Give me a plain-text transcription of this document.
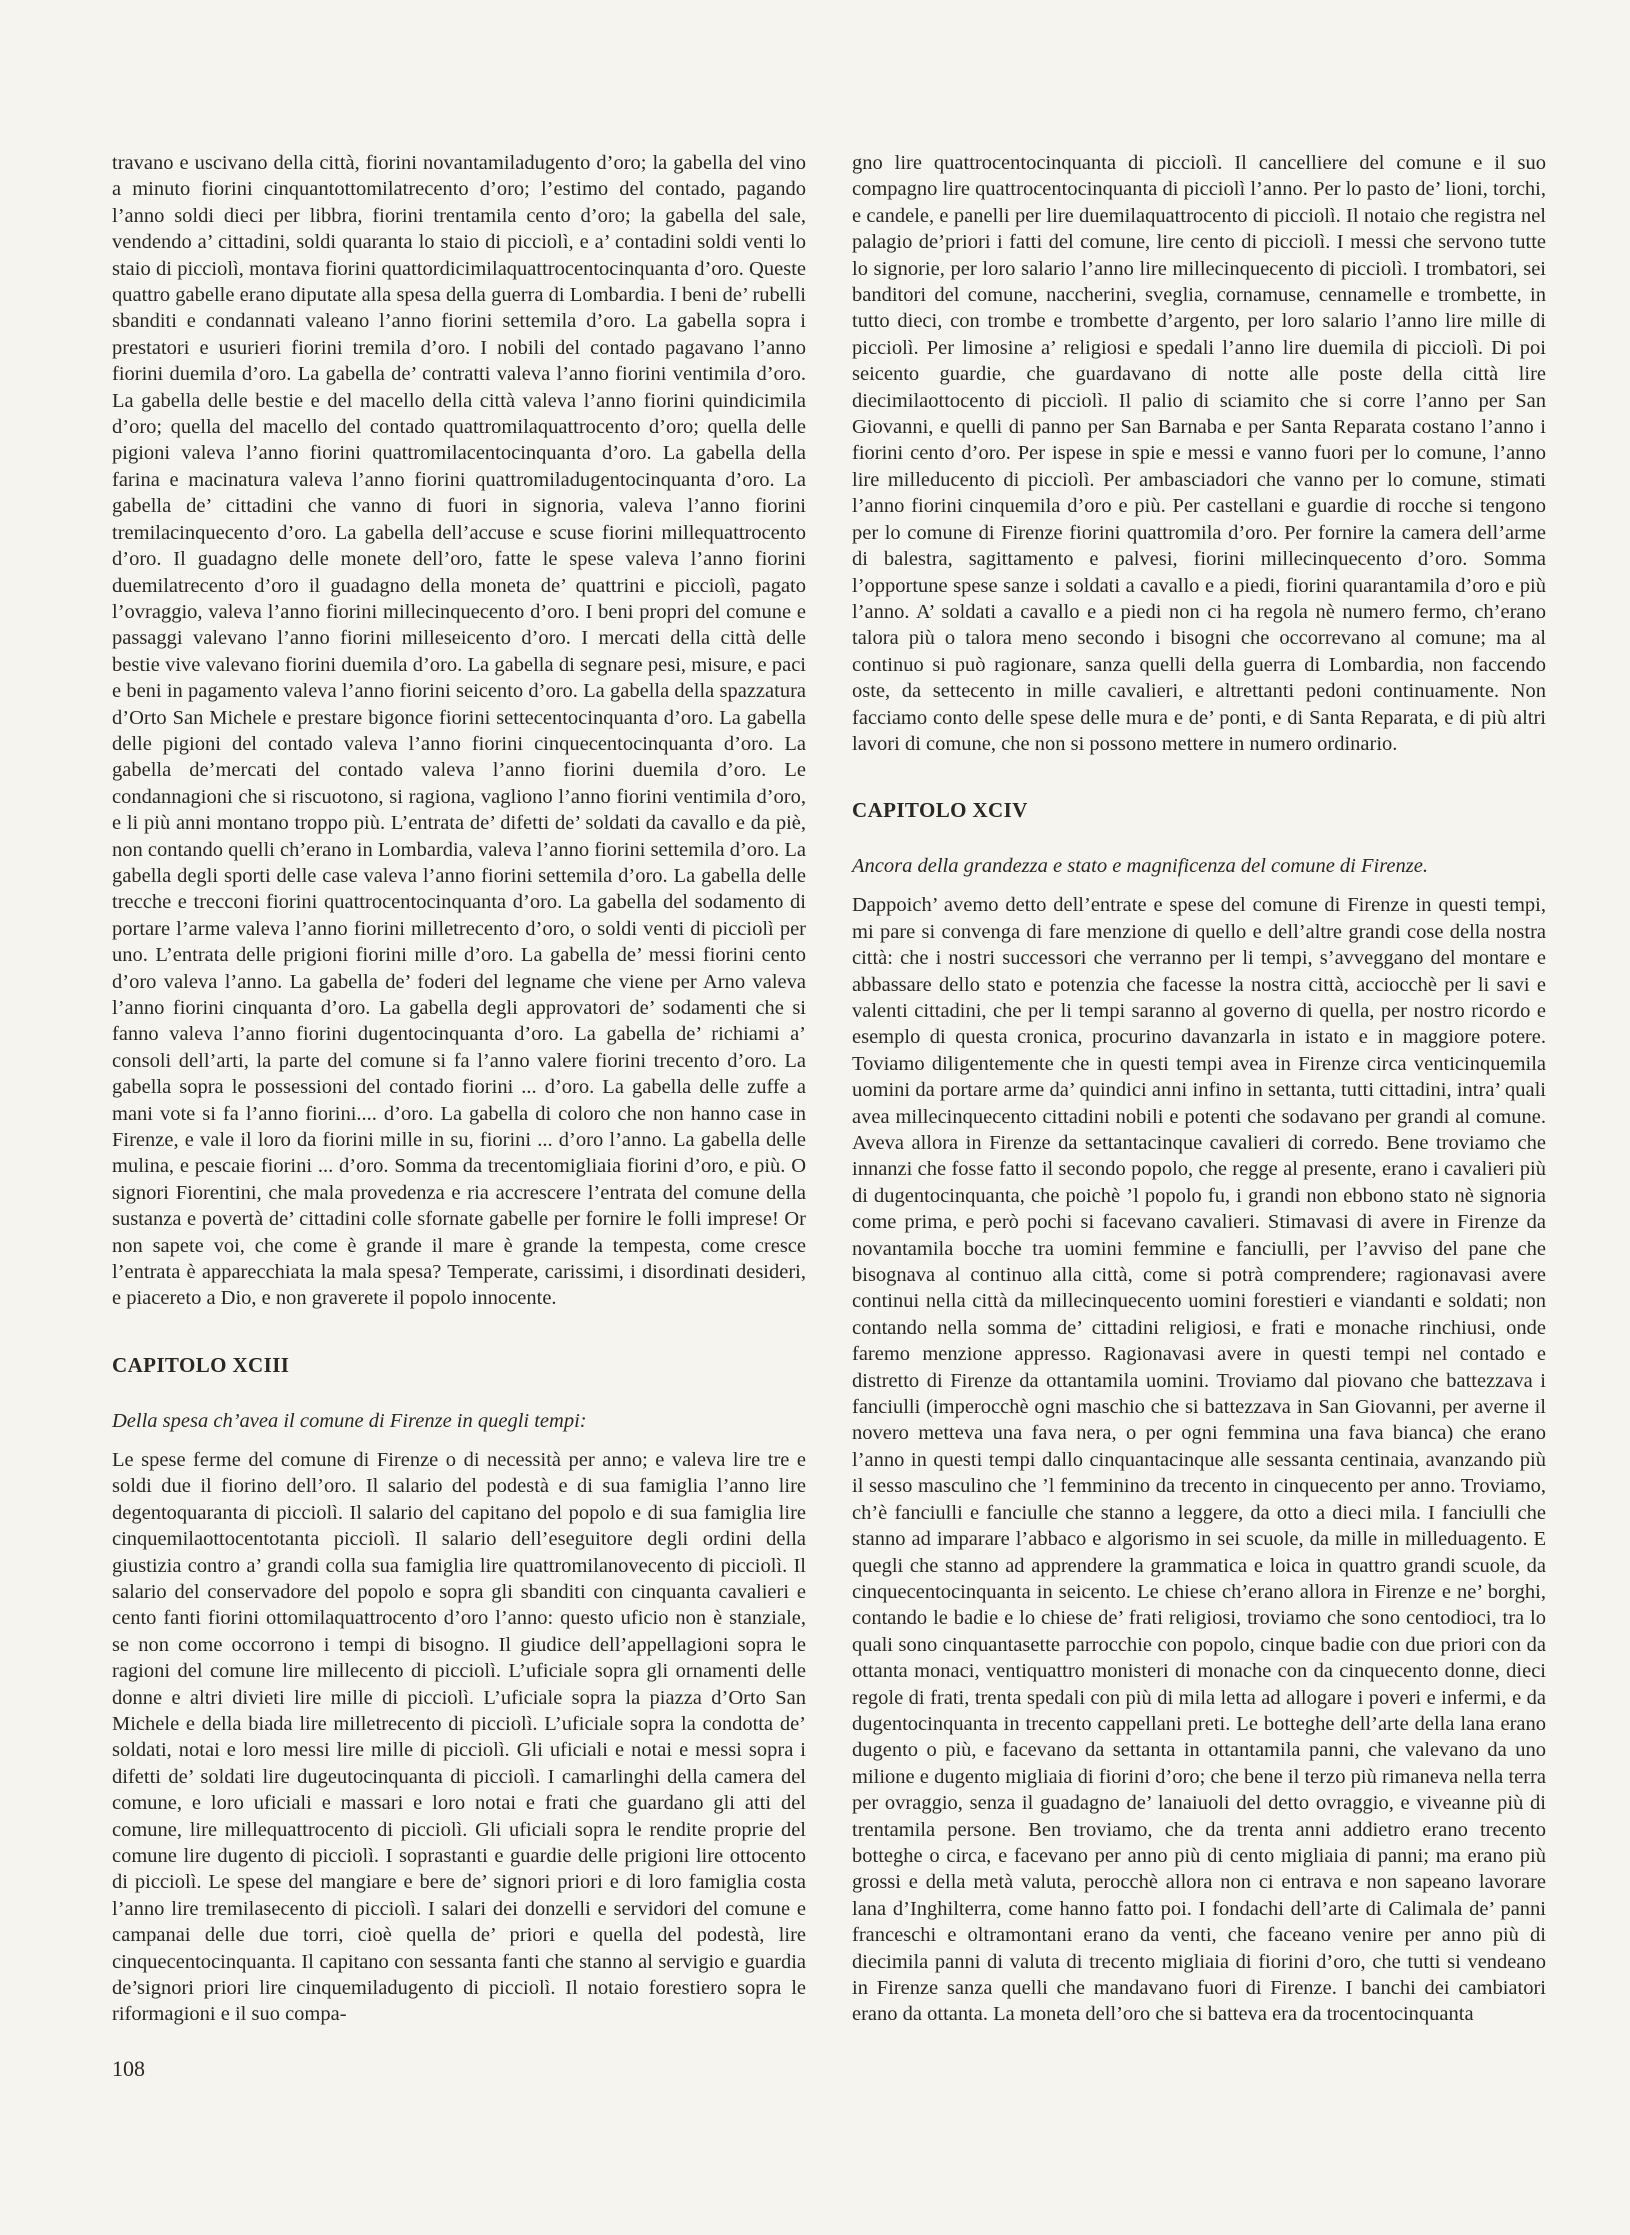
travano e uscivano della città, fiorini novantamiladugento d’oro; la gabella del vino a minuto fiorini cinquantottomilatrecento d’oro; l’estimo del contado, pagando l’anno soldi dieci per libbra, fiorini trentamila cento d’oro; la gabella del sale, vendendo a’ cittadini, soldi quaranta lo staio di picciolì, e a’ contadini soldi venti lo staio di picciolì, montava fiorini quattordicimilaquattrocentocinquanta d’oro. Queste quattro gabelle erano diputate alla spesa della guerra di Lombardia. I beni de’ rubelli sbanditi e condannati valeano l’anno fiorini settemila d’oro. La gabella sopra i prestatori e usurieri fiorini tremila d’oro. I nobili del contado pagavano l’anno fiorini duemila d’oro. La gabella de’ contratti valeva l’anno fiorini ventimila d’oro. La gabella delle bestie e del macello della città valeva l’anno fiorini quindicimila d’oro; quella del macello del contado quattromilaquattrocento d’oro; quella delle pigioni valeva l’anno fiorini quattromilacentocinquanta d’oro. La gabella della farina e macinatura valeva l’anno fiorini quattromiladugentocinquanta d’oro. La gabella de’ cittadini che vanno di fuori in signoria, valeva l’anno fiorini tremilacinquecento d’oro. La gabella dell’accuse e scuse fiorini millequattrocento d’oro. Il guadagno delle monete dell’oro, fatte le spese valeva l’anno fiorini duemilatrecento d’oro il guadagno della moneta de’ quattrini e picciolì, pagato l’ovraggio, valeva l’anno fiorini millecinquecento d’oro. I beni propri del comune e passaggi valevano l’anno fiorini milleseicento d’oro. I mercati della città delle bestie vive valevano fiorini duemila d’oro. La gabella di segnare pesi, misure, e paci e beni in pagamento valeva l’anno fiorini seicento d’oro. La gabella della spazzatura d’Orto San Michele e prestare bigonce fiorini settecentocinquanta d’oro. La gabella delle pigioni del contado valeva l’anno fiorini cinquecentocinquanta d’oro. La gabella de’mercati del contado valeva l’anno fiorini duemila d’oro. Le condannagioni che si riscuotono, si ragiona, vagliono l’anno fiorini ventimila d’oro, e li più anni montano troppo più. L’entrata de’ difetti de’ soldati da cavallo e da piè, non contando quelli ch’erano in Lombardia, valeva l’anno fiorini settemila d’oro. La gabella degli sporti delle case valeva l’anno fiorini settemila d’oro. La gabella delle trecche e trecconi fiorini quattrocentocinquanta d’oro. La gabella del sodamento di portare l’arme valeva l’anno fiorini milletrecento d’oro, o soldi venti di picciolì per uno. L’entrata delle prigioni fiorini mille d’oro. La gabella de’ messi fiorini cento d’oro valeva l’anno. La gabella de’ foderi del legname che viene per Arno valeva l’anno fiorini cinquanta d’oro. La gabella degli approvatori de’ sodamenti che si fanno valeva l’anno fiorini dugentocinquanta d’oro. La gabella de’ richiami a’ consoli dell’arti, la parte del comune si fa l’anno valere fiorini trecento d’oro. La gabella sopra le possessioni del contado fiorini ... d’oro. La gabella delle zuffe a mani vote si fa l’anno fiorini.... d’oro. La gabella di coloro che non hanno case in Firenze, e vale il loro da fiorini mille in su, fiorini ... d’oro l’anno. La gabella delle mulina, e pescaie fiorini ... d’oro. Somma da trecentomigliaia fiorini d’oro, e più. O signori Fiorentini, che mala provedenza e ria accrescere l’entrata del comune della sustanza e povertà de’ cittadini colle sfornate gabelle per fornire le folli imprese! Or non sapete voi, che come è grande il mare è grande la tempesta, come cresce l’entrata è apparecchiata la mala spesa? Temperate, carissimi, i disordinati desideri, e piacereto a Dio, e non graverete il popolo innocente.

CAPITOLO XCIII

Della spesa ch’avea il comune di Firenze in quegli tempi:

Le spese ferme del comune di Firenze o di necessità per anno; e valeva lire tre e soldi due il fiorino dell’oro. Il salario del podestà e di sua famiglia l’anno lire degentoquaranta di picciolì. Il salario del capitano del popolo e di sua famiglia lire cinquemilaottocentotanta picciolì. Il salario dell’eseguitore degli ordini della giustizia contro a’ grandi colla sua famiglia lire quattromilanovecento di picciolì. Il salario del conservadore del popolo e sopra gli sbanditi con cinquanta cavalieri e cento fanti fiorini ottomilaquattrocento d’oro l’anno: questo uficio non è stanziale, se non come occorrono i tempi di bisogno. Il giudice dell’appellagioni sopra le ragioni del comune lire millecento di picciolì. L’uficiale sopra gli ornamenti delle donne e altri divieti lire mille di picciolì. L’uficiale sopra la piazza d’Orto San Michele e della biada lire milletrecento di picciolì. L’uficiale sopra la condotta de’ soldati, notai e loro messi lire mille di picciolì. Gli uficiali e notai e messi sopra i difetti de’ soldati lire dugeutocinquanta di picciolì. I camarlinghi della camera del comune, e loro uficiali e massari e loro notai e frati che guardano gli atti del comune, lire millequattrocento di picciolì. Gli uficiali sopra le rendite proprie del comune lire dugento di picciolì. I soprastanti e guardie delle prigioni lire ottocento di picciolì. Le spese del mangiare e bere de’ signori priori e di loro famiglia costa l’anno lire tremilasecento di picciolì. I salari dei donzelli e servidori del comune e campanai delle due torri, cioè quella de’ priori e quella del podestà, lire cinquecentocinquanta. Il capitano con sessanta fanti che stanno al servigio e guardia de’signori priori lire cinquemiladugento di picciolì. Il notaio forestiero sopra le riformagioni e il suo compa-

gno lire quattrocentocinquanta di picciolì. Il cancelliere del comune e il suo compagno lire quattrocentocinquanta di picciolì l’anno. Per lo pasto de’ lioni, torchi, e candele, e panelli per lire duemilaquattrocento di picciolì. Il notaio che registra nel palagio de’priori i fatti del comune, lire cento di picciolì. I messi che servono tutte lo signorie, per loro salario l’anno lire millecinquecento di picciolì. I trombatori, sei banditori del comune, naccherini, sveglia, cornamuse, cennamelle e trombette, in tutto dieci, con trombe e trombette d’argento, per loro salario l’anno lire mille di picciolì. Per limosine a’ religiosi e spedali l’anno lire duemila di picciolì. Di poi seicento guardie, che guardavano di notte alle poste della città lire diecimilaottocento di picciolì. Il palio di sciamito che si corre l’anno per San Giovanni, e quelli di panno per San Barnaba e per Santa Reparata costano l’anno i fiorini cento d’oro. Per ispese in spie e messi e vanno fuori per lo comune, l’anno lire milleducento di picciolì. Per ambasciadori che vanno per lo comune, stimati l’anno fiorini cinquemila d’oro e più. Per castellani e guardie di rocche si tengono per lo comune di Firenze fiorini quattromila d’oro. Per fornire la camera dell’arme di balestra, sagittamento e palvesi, fiorini millecinquecento d’oro. Somma l’opportune spese sanze i soldati a cavallo e a piedi, fiorini quarantamila d’oro e più l’anno. A’ soldati a cavallo e a piedi non ci ha regola nè numero fermo, ch’erano talora più o talora meno secondo i bisogni che occorrevano al comune; ma al continuo si può ragionare, sanza quelli della guerra di Lombardia, non faccendo oste, da settecento in mille cavalieri, e altrettanti pedoni continuamente. Non facciamo conto delle spese delle mura e de’ ponti, e di Santa Reparata, e di più altri lavori di comune, che non si possono mettere in numero ordinario.

CAPITOLO XCIV

Ancora della grandezza e stato e magnificenza del comune di Firenze.

Dappoich’ avemo detto dell’entrate e spese del comune di Firenze in questi tempi, mi pare si convenga di fare menzione di quello e dell’altre grandi cose della nostra città: che i nostri successori che verranno per li tempi, s’avveggano del montare e abbassare dello stato e potenzia che facesse la nostra città, acciocchè per li savi e valenti cittadini, che per li tempi saranno al governo di quella, per nostro ricordo e esemplo di questa cronica, procurino davanzarla in istato e in maggiore potere. Toviamo diligentemente che in questi tempi avea in Firenze circa venticinquemila uomini da portare arme da’ quindici anni infino in settanta, tutti cittadini, intra’ quali avea millecinquecento cittadini nobili e potenti che sodavano per grandi al comune. Aveva allora in Firenze da settantacinque cavalieri di corredo. Bene troviamo che innanzi che fosse fatto il secondo popolo, che regge al presente, erano i cavalieri più di dugentocinquanta, che poichè ’l popolo fu, i grandi non ebbono stato nè signoria come prima, e però pochi si facevano cavalieri. Stimavasi di avere in Firenze da novantamila bocche tra uomini femmine e fanciulli, per l’avviso del pane che bisognava al continuo alla città, come si potrà comprendere; ragionavasi avere continui nella città da millecinquecento uomini forestieri e viandanti e soldati; non contando nella somma de’ cittadini religiosi, e frati e monache rinchiusi, onde faremo menzione appresso. Ragionavasi avere in questi tempi nel contado e distretto di Firenze da ottantamila uomini. Troviamo dal piovano che battezzava i fanciulli (imperocchè ogni maschio che si battezzava in San Giovanni, per averne il novero metteva una fava nera, o per ogni femmina una fava bianca) che erano l’anno in questi tempi dallo cinquantacinque alle sessanta centinaia, avanzando più il sesso masculino che ’l femminino da trecento in cinquecento per anno. Troviamo, ch’è fanciulli e fanciulle che stanno a leggere, da otto a dieci mila. I fanciulli che stanno ad imparare l’abbaco e algorismo in sei scuole, da mille in milleduagento. E quegli che stanno ad apprendere la grammatica e loica in quattro grandi scuole, da cinquecentocinquanta in seicento. Le chiese ch’erano allora in Firenze e ne’ borghi, contando le badie e lo chiese de’ frati religiosi, troviamo che sono centodioci, tra lo quali sono cinquantasette parrocchie con popolo, cinque badie con due priori con da ottanta monaci, ventiquattro monisteri di monache con da cinquecento donne, dieci regole di frati, trenta spedali con più di mila letta ad allogare i poveri e infermi, e da dugentocinquanta in trecento cappellani preti. Le botteghe dell’arte della lana erano dugento o più, e facevano da settanta in ottantamila panni, che valevano da uno milione e dugento migliaia di fiorini d’oro; che bene il terzo più rimaneva nella terra per ovraggio, senza il guadagno de’ lanaiuoli del detto ovraggio, e viveanne più di trentamila persone. Ben troviamo, che da trenta anni addietro erano trecento botteghe o circa, e facevano per anno più di cento migliaia di panni; ma erano più grossi e della metà valuta, perocchè allora non ci entrava e non sapeano lavorare lana d’Inghilterra, come hanno fatto poi. I fondachi dell’arte di Calimala de’ panni franceschi e oltramontani erano da venti, che faceano venire per anno più di diecimila panni di valuta di trecento migliaia di fiorini d’oro, che tutti si vendeano in Firenze sanza quelli che mandavano fuori di Firenze. I banchi dei cambiatori erano da ottanta. La moneta dell’oro che si batteva era da trocentocinquanta

108
